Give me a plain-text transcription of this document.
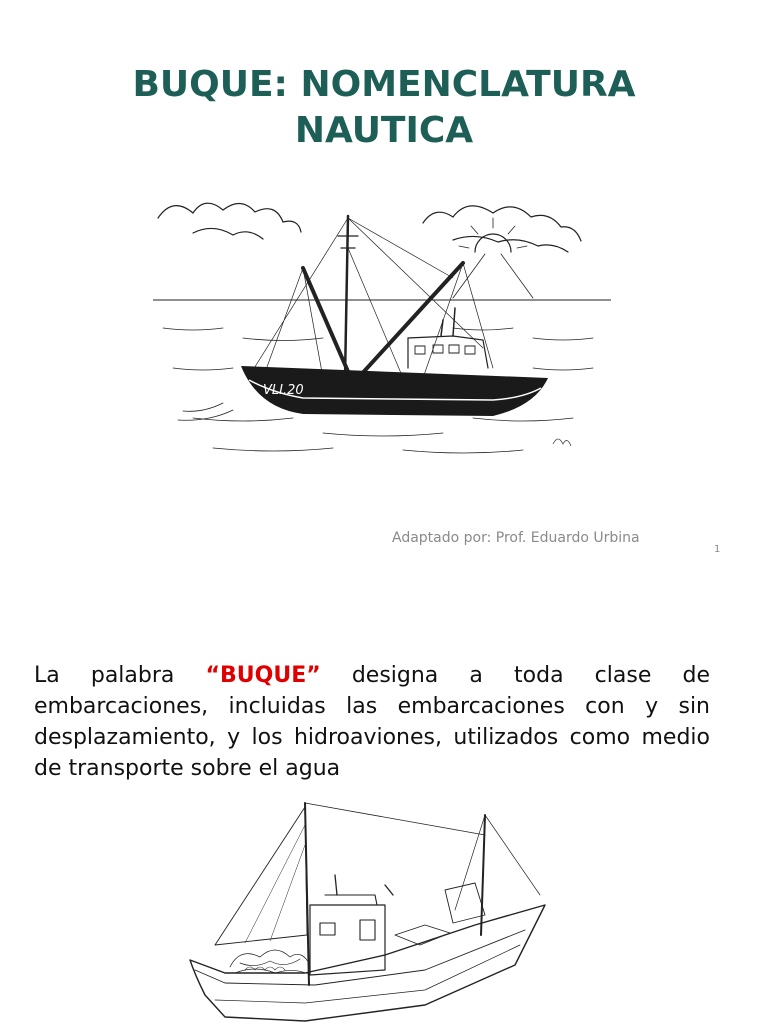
BUQUE: NOMENCLATURA
NAUTICA
VLI.20
Adaptado por: Prof. Eduardo Urbina
1

La palabra “BUQUE” designa a toda clase de embarcaciones, incluidas las embarcaciones con y sin desplazamiento, y los hidroaviones, utilizados como medio de transporte sobre el agua
